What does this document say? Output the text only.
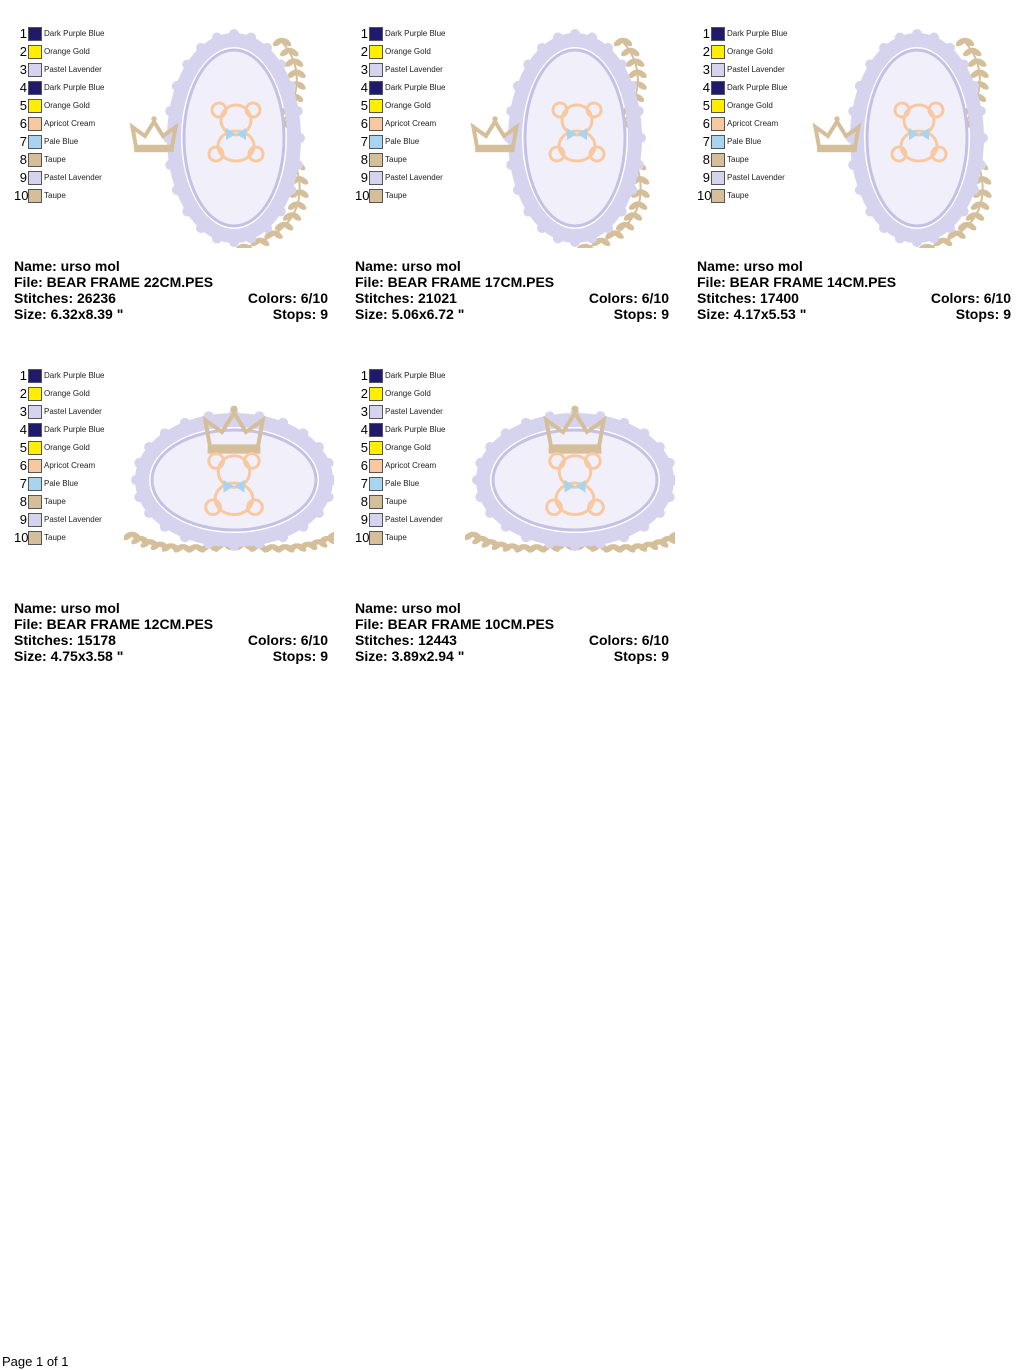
1 Dark Purple Blue
2 Orange Gold
3 Pastel Lavender
4 Dark Purple Blue
5 Orange Gold
6 Apricot Cream
7 Pale Blue
8 Taupe
9 Pastel Lavender
10 Taupe
Name: urso mol
File: BEAR FRAME 22CM.PES
Stitches: 26236	Colors: 6/10
Size: 6.32x8.39 "	Stops: 9
1 Dark Purple Blue
2 Orange Gold
3 Pastel Lavender
4 Dark Purple Blue
5 Orange Gold
6 Apricot Cream
7 Pale Blue
8 Taupe
9 Pastel Lavender
10 Taupe
Name: urso mol
File: BEAR FRAME 17CM.PES
Stitches: 21021	Colors: 6/10
Size: 5.06x6.72 "	Stops: 9
1 Dark Purple Blue
2 Orange Gold
3 Pastel Lavender
4 Dark Purple Blue
5 Orange Gold
6 Apricot Cream
7 Pale Blue
8 Taupe
9 Pastel Lavender
10 Taupe
Name: urso mol
File: BEAR FRAME 14CM.PES
Stitches: 17400	Colors: 6/10
Size: 4.17x5.53 "	Stops: 9
1 Dark Purple Blue
2 Orange Gold
3 Pastel Lavender
4 Dark Purple Blue
5 Orange Gold
6 Apricot Cream
7 Pale Blue
8 Taupe
9 Pastel Lavender
10 Taupe
Name: urso mol
File: BEAR FRAME 12CM.PES
Stitches: 15178	Colors: 6/10
Size: 4.75x3.58 "	Stops: 9
1 Dark Purple Blue
2 Orange Gold
3 Pastel Lavender
4 Dark Purple Blue
5 Orange Gold
6 Apricot Cream
7 Pale Blue
8 Taupe
9 Pastel Lavender
10 Taupe
Name: urso mol
File: BEAR FRAME 10CM.PES
Stitches: 12443	Colors: 6/10
Size: 3.89x2.94 "	Stops: 9
Page 1 of 1
